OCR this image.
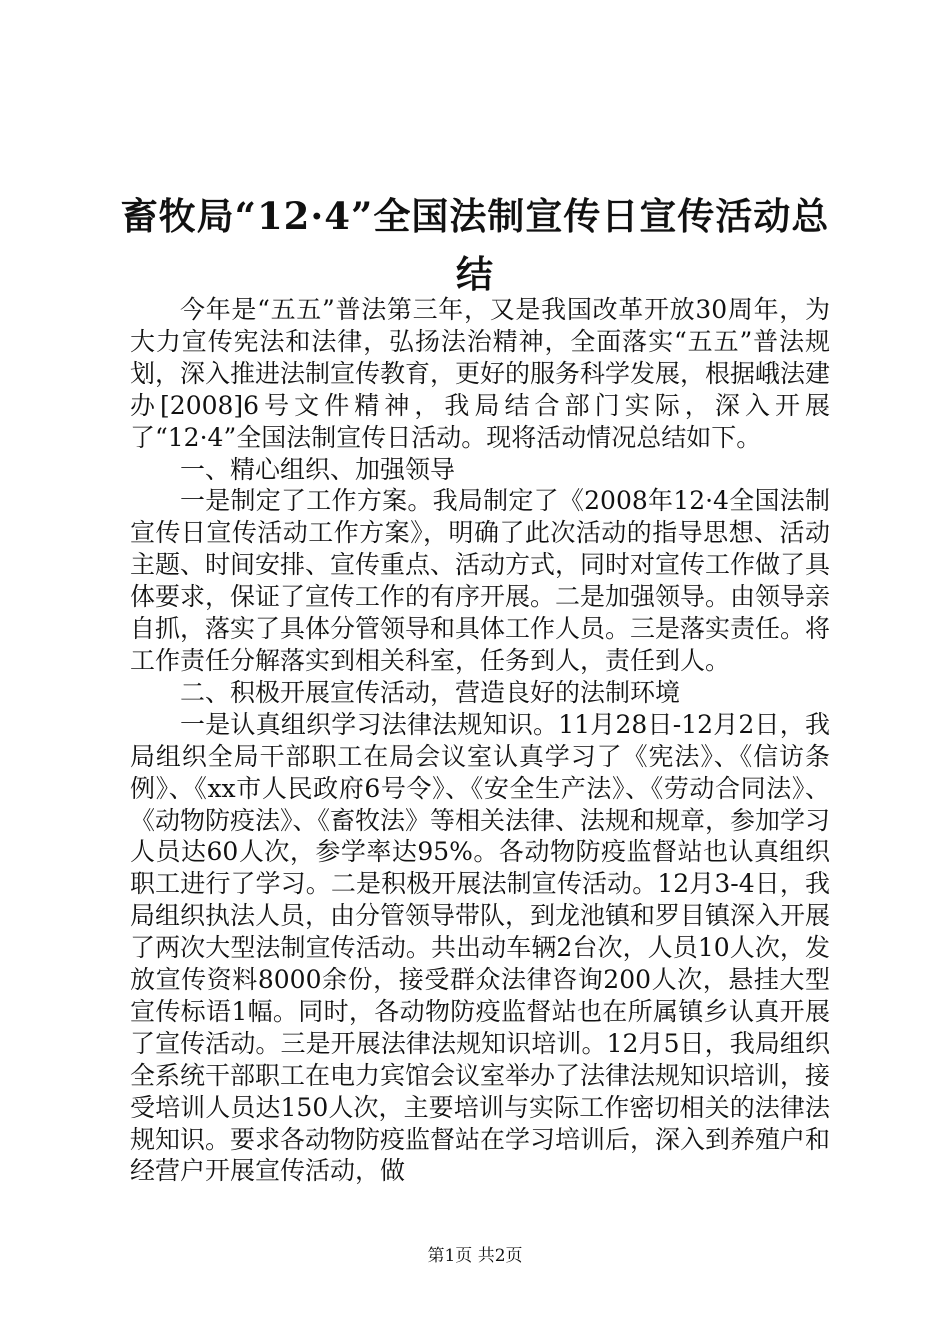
畜牧局“12·4”全国法制宣传日宣传活动总
结

今年是“五五”普法第三年，又是我国改革开放30周年，为大力宣传宪法和法律，弘扬法治精神，全面落实“五五”普法规划，深入推进法制宣传教育，更好的服务科学发展，根据峨法建办[2008]6号文件精神，我局结合部门实际，深入开展了“12·4”全国法制宣传日活动。现将活动情况总结如下。

一、精心组织、加强领导

一是制定了工作方案。我局制定了《2008年12·4全国法制宣传日宣传活动工作方案》，明确了此次活动的指导思想、活动主题、时间安排、宣传重点、活动方式，同时对宣传工作做了具体要求，保证了宣传工作的有序开展。二是加强领导。由领导亲自抓，落实了具体分管领导和具体工作人员。三是落实责任。将工作责任分解落实到相关科室，任务到人，责任到人。

二、积极开展宣传活动，营造良好的法制环境

一是认真组织学习法律法规知识。11月28日-12月2日，我局组织全局干部职工在局会议室认真学习了《宪法》、《信访条例》、《xx市人民政府6号令》、《安全生产法》、《劳动合同法》、《动物防疫法》、《畜牧法》等相关法律、法规和规章，参加学习人员达60人次，参学率达95%。各动物防疫监督站也认真组织职工进行了学习。二是积极开展法制宣传活动。12月3-4日，我局组织执法人员，由分管领导带队，到龙池镇和罗目镇深入开展了两次大型法制宣传活动。共出动车辆2台次，人员10人次，发放宣传资料8000余份，接受群众法律咨询200人次，悬挂大型宣传标语1幅。同时，各动物防疫监督站也在所属镇乡认真开展了宣传活动。三是开展法律法规知识培训。12月5日，我局组织全系统干部职工在电力宾馆会议室举办了法律法规知识培训，接受培训人员达150人次，主要培训与实际工作密切相关的法律法规知识。要求各动物防疫监督站在学习培训后，深入到养殖户和经营户开展宣传活动，做

第1页 共2页
